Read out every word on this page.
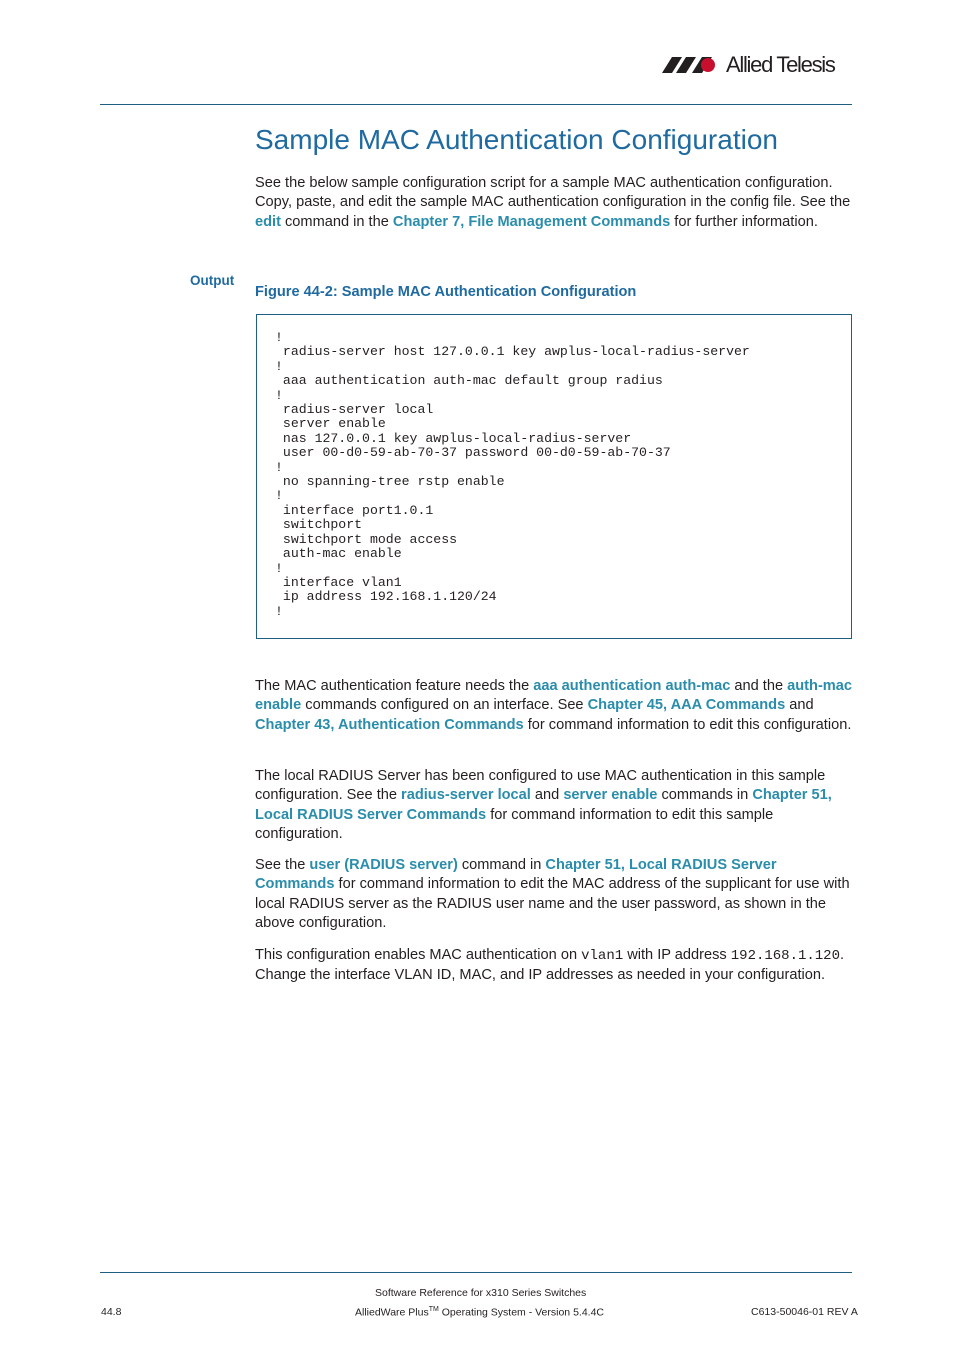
Allied Telesis
Sample MAC Authentication Configuration

See the below sample configuration script for a sample MAC authentication configuration. Copy, paste, and edit the sample MAC authentication configuration in the config file. See the edit command in the Chapter 7, File Management Commands for further information.

Output
Figure 44-2: Sample MAC Authentication Configuration
!
radius-server host 127.0.0.1 key awplus-local-radius-server
!
aaa authentication auth-mac default group radius
!
radius-server local
server enable
nas 127.0.0.1 key awplus-local-radius-server
user 00-d0-59-ab-70-37 password 00-d0-59-ab-70-37
!
no spanning-tree rstp enable
!
interface port1.0.1
switchport
switchport mode access
auth-mac enable
!
interface vlan1
ip address 192.168.1.120/24
!

The MAC authentication feature needs the aaa authentication auth-mac and the auth-mac enable commands configured on an interface. See Chapter 45, AAA Commands and Chapter 43, Authentication Commands for command information to edit this configuration.

The local RADIUS Server has been configured to use MAC authentication in this sample configuration. See the radius-server local and server enable commands in Chapter 51, Local RADIUS Server Commands for command information to edit this sample configuration.

See the user (RADIUS server) command in Chapter 51, Local RADIUS Server Commands for command information to edit the MAC address of the supplicant for use with local RADIUS server as the RADIUS user name and the user password, as shown in the above configuration.

This configuration enables MAC authentication on vlan1 with IP address 192.168.1.120. Change the interface VLAN ID, MAC, and IP addresses as needed in your configuration.

Software Reference for x310 Series Switches
44.8	AlliedWare Plus™ Operating System - Version 5.4.4C	C613-50046-01 REV A
